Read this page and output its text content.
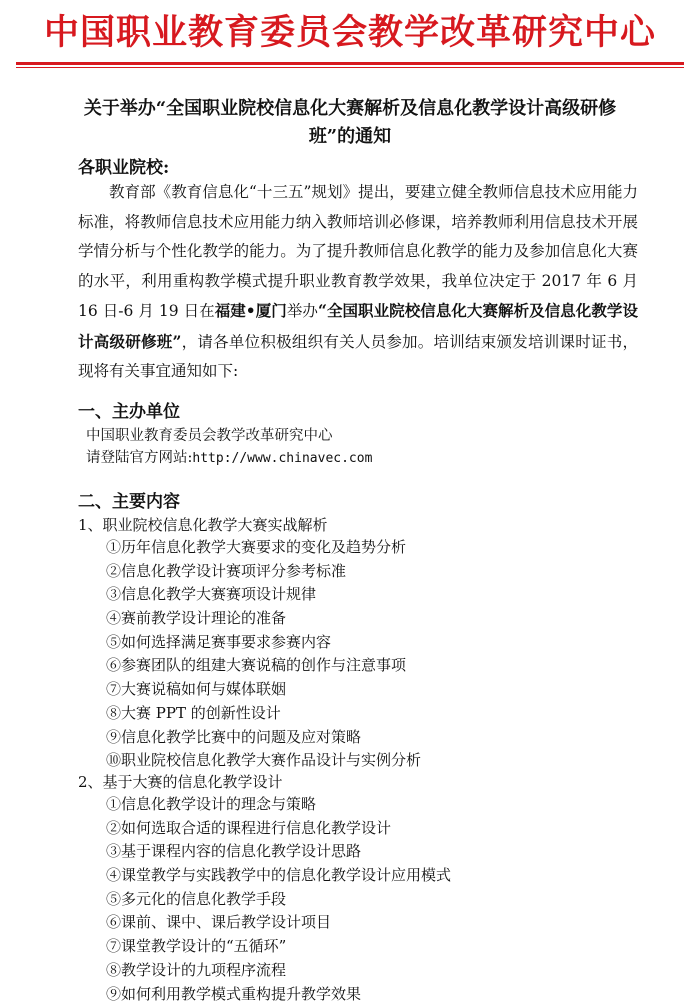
中国职业教育委员会教学改革研究中心
关于举办“全国职业院校信息化大赛解析及信息化教学设计高级研修
班”的通知
各职业院校:
教育部《教育信息化“十三五”规划》提出，要建立健全教师信息技术应用能力标准，将教师信息技术应用能力纳入教师培训必修课，培养教师利用信息技术开展学情分析与个性化教学的能力。为了提升教师信息化教学的能力及参加信息化大赛的水平，利用重构教学模式提升职业教育教学效果，我单位决定于 2017 年 6 月 16 日-6 月 19 日在福建•厦门举办“全国职业院校信息化大赛解析及信息化教学设计高级研修班”，请各单位积极组织有关人员参加。培训结束颁发培训课时证书，现将有关事宜通知如下:
一、主办单位
中国职业教育委员会教学改革研究中心
请登陆官方网站:http://www.chinavec.com
二、主要内容
1、职业院校信息化教学大赛实战解析
①历年信息化教学大赛要求的变化及趋势分析
②信息化教学设计赛项评分参考标准
③信息化教学大赛赛项设计规律
④赛前教学设计理论的准备
⑤如何选择满足赛事要求参赛内容
⑥参赛团队的组建大赛说稿的创作与注意事项
⑦大赛说稿如何与媒体联姻
⑧大赛 PPT 的创新性设计
⑨信息化教学比赛中的问题及应对策略
⑩职业院校信息化教学大赛作品设计与实例分析
2、基于大赛的信息化教学设计
①信息化教学设计的理念与策略
②如何选取合适的课程进行信息化教学设计
③基于课程内容的信息化教学设计思路
④课堂教学与实践教学中的信息化教学设计应用模式
⑤多元化的信息化教学手段
⑥课前、课中、课后教学设计项目
⑦课堂教学设计的“五循环”
⑧教学设计的九项程序流程
⑨如何利用教学模式重构提升教学效果
